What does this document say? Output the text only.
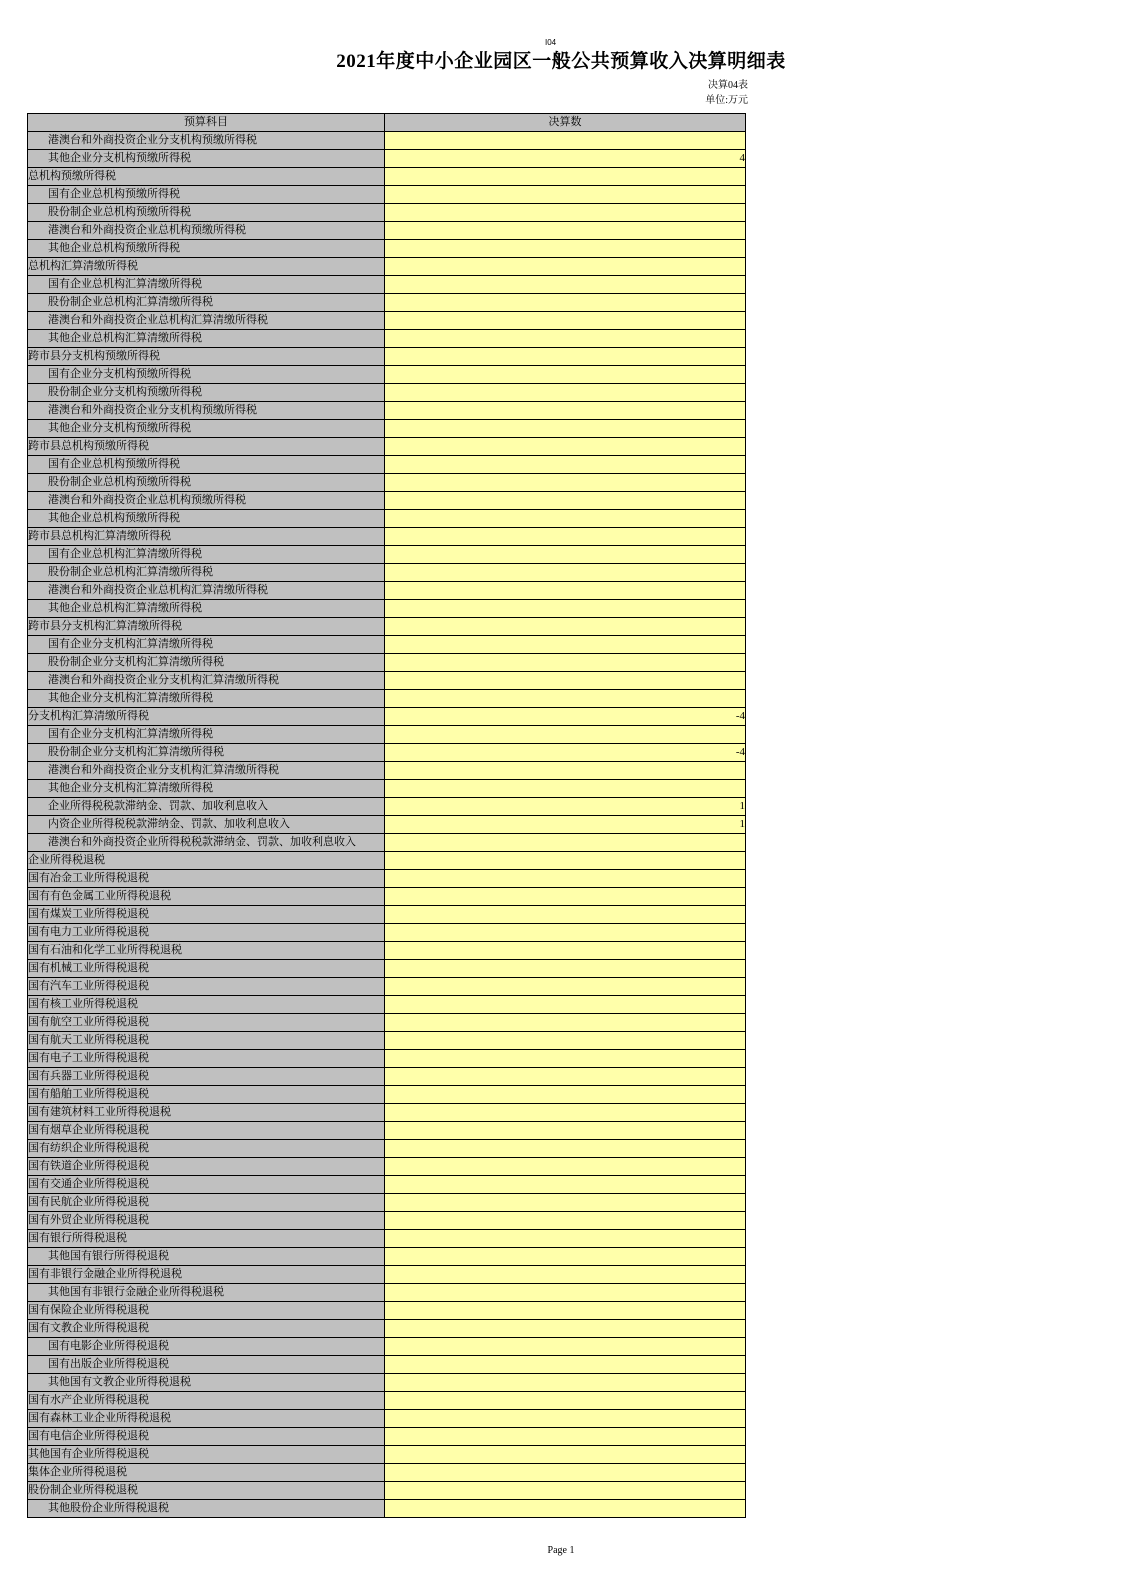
I04
2021年度中小企业园区一般公共预算收入决算明细表
决算04表
单位:万元
预算科目	决算数
港澳台和外商投资企业分支机构预缴所得税	
其他企业分支机构预缴所得税	4
总机构预缴所得税	
国有企业总机构预缴所得税	
股份制企业总机构预缴所得税	
港澳台和外商投资企业总机构预缴所得税	
其他企业总机构预缴所得税	
总机构汇算清缴所得税	
国有企业总机构汇算清缴所得税	
股份制企业总机构汇算清缴所得税	
港澳台和外商投资企业总机构汇算清缴所得税	
其他企业总机构汇算清缴所得税	
跨市县分支机构预缴所得税	
国有企业分支机构预缴所得税	
股份制企业分支机构预缴所得税	
港澳台和外商投资企业分支机构预缴所得税	
其他企业分支机构预缴所得税	
跨市县总机构预缴所得税	
国有企业总机构预缴所得税	
股份制企业总机构预缴所得税	
港澳台和外商投资企业总机构预缴所得税	
其他企业总机构预缴所得税	
跨市县总机构汇算清缴所得税	
国有企业总机构汇算清缴所得税	
股份制企业总机构汇算清缴所得税	
港澳台和外商投资企业总机构汇算清缴所得税	
其他企业总机构汇算清缴所得税	
跨市县分支机构汇算清缴所得税	
国有企业分支机构汇算清缴所得税	
股份制企业分支机构汇算清缴所得税	
港澳台和外商投资企业分支机构汇算清缴所得税	
其他企业分支机构汇算清缴所得税	
分支机构汇算清缴所得税	-4
国有企业分支机构汇算清缴所得税	
股份制企业分支机构汇算清缴所得税	-4
港澳台和外商投资企业分支机构汇算清缴所得税	
其他企业分支机构汇算清缴所得税	
企业所得税税款滞纳金、罚款、加收利息收入	1
内资企业所得税税款滞纳金、罚款、加收利息收入	1
港澳台和外商投资企业所得税税款滞纳金、罚款、加收利息收入	
企业所得税退税	
国有冶金工业所得税退税	
国有有色金属工业所得税退税	
国有煤炭工业所得税退税	
国有电力工业所得税退税	
国有石油和化学工业所得税退税	
国有机械工业所得税退税	
国有汽车工业所得税退税	
国有核工业所得税退税	
国有航空工业所得税退税	
国有航天工业所得税退税	
国有电子工业所得税退税	
国有兵器工业所得税退税	
国有船舶工业所得税退税	
国有建筑材料工业所得税退税	
国有烟草企业所得税退税	
国有纺织企业所得税退税	
国有铁道企业所得税退税	
国有交通企业所得税退税	
国有民航企业所得税退税	
国有外贸企业所得税退税	
国有银行所得税退税	
其他国有银行所得税退税	
国有非银行金融企业所得税退税	
其他国有非银行金融企业所得税退税	
国有保险企业所得税退税	
国有文教企业所得税退税	
国有电影企业所得税退税	
国有出版企业所得税退税	
其他国有文教企业所得税退税	
国有水产企业所得税退税	
国有森林工业企业所得税退税	
国有电信企业所得税退税	
其他国有企业所得税退税	
集体企业所得税退税	
股份制企业所得税退税	
其他股份企业所得税退税	
Page 1
